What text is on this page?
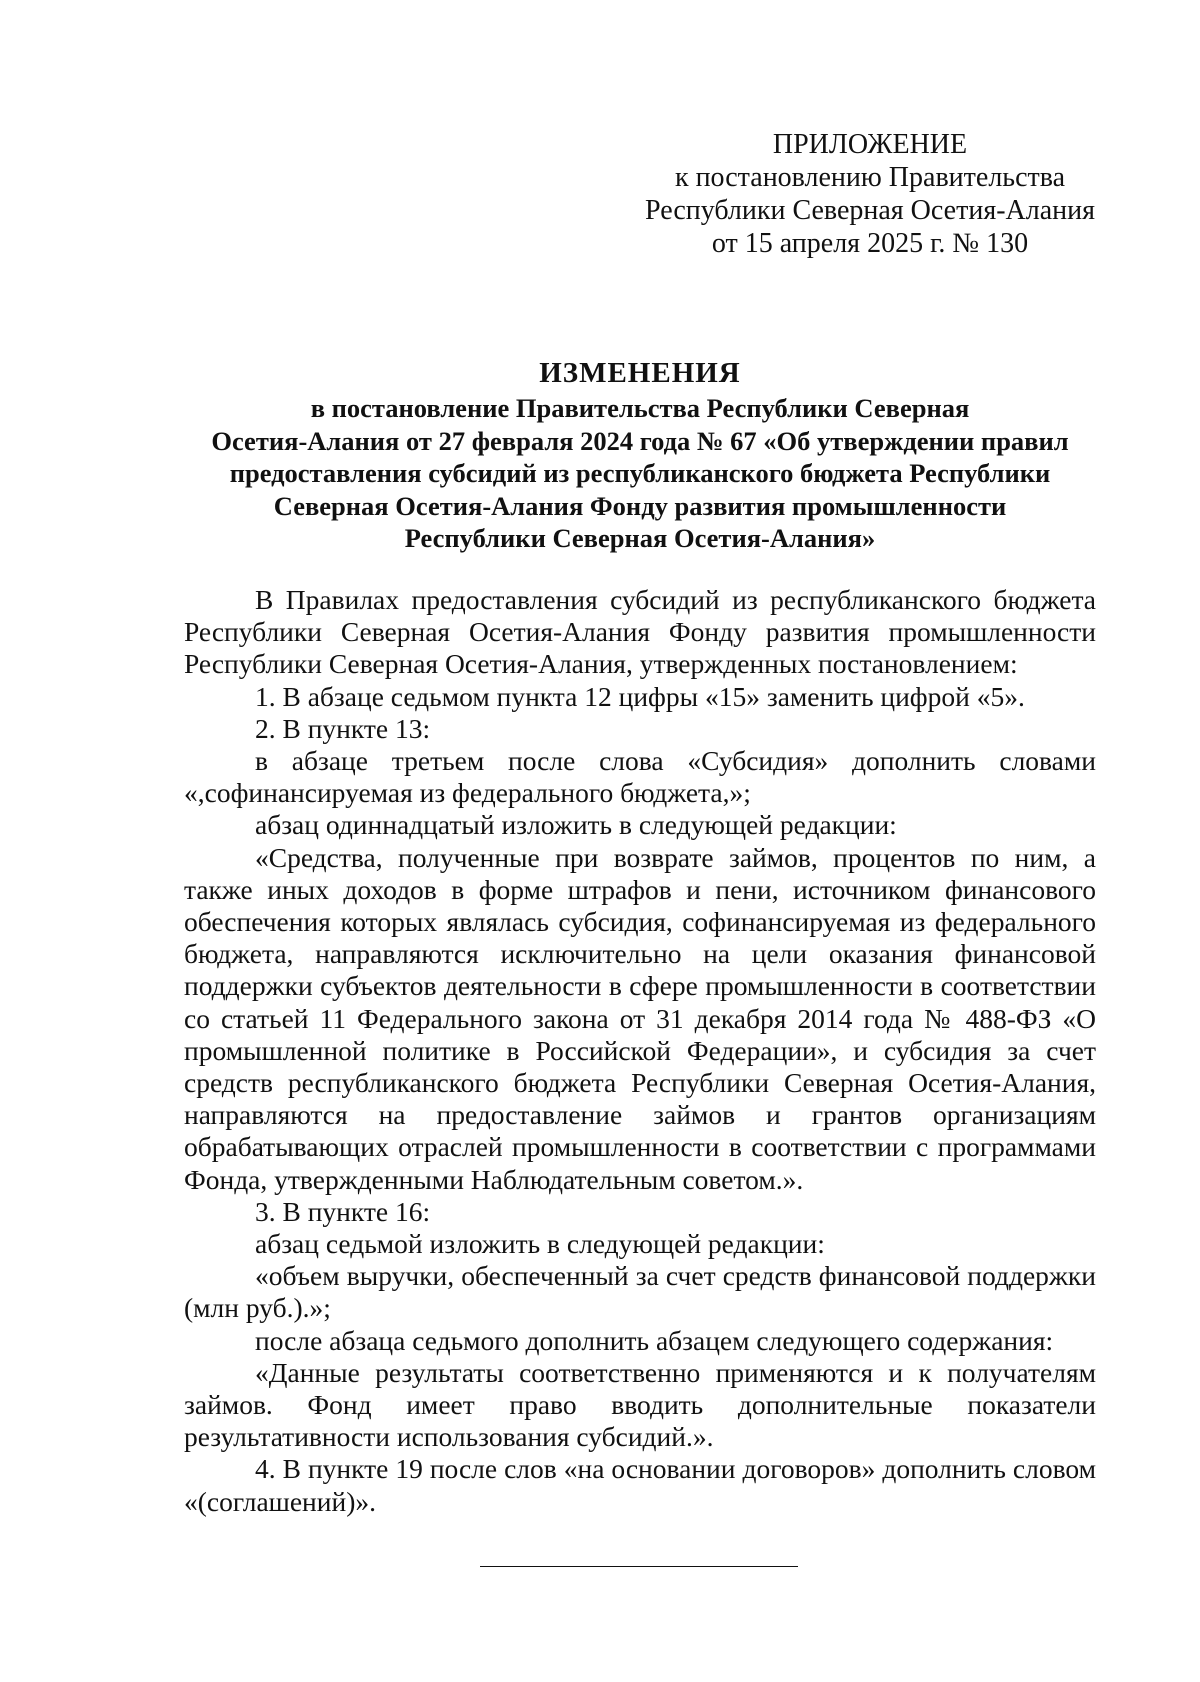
ПРИЛОЖЕНИЕ
к постановлению Правительства
Республики Северная Осетия-Алания
от 15 апреля 2025 г. № 130
ИЗМЕНЕНИЯ
в постановление Правительства Республики Северная
Осетия-Алания от 27 февраля 2024 года № 67 «Об утверждении правил
предоставления субсидий из республиканского бюджета Республики
Северная Осетия-Алания Фонду развития промышленности
Республики Северная Осетия-Алания»

В Правилах предоставления субсидий из республиканского бюджета Республики Северная Осетия-Алания Фонду развития промышленности Республики Северная Осетия-Алания, утвержденных постановлением:

1. В абзаце седьмом пункта 12 цифры «15» заменить цифрой «5».

2. В пункте 13:

в абзаце третьем после слова «Субсидия» дополнить словами «,софинансируемая из федерального бюджета,»;

абзац одиннадцатый изложить в следующей редакции:

«Средства, полученные при возврате займов, процентов по ним, а также иных доходов в форме штрафов и пени, источником финансового обеспечения которых являлась субсидия, софинансируемая из федерального бюджета, направляются исключительно на цели оказания финансовой поддержки субъектов деятельности в сфере промышленности в соответствии со статьей 11 Федерального закона от 31 декабря 2014 года № 488-ФЗ «О промышленной политике в Российской Федерации», и субсидия за счет средств республиканского бюджета Республики Северная Осетия-Алания, направляются на предоставление займов и грантов организациям обрабатывающих отраслей промышленности в соответствии с программами Фонда, утвержденными Наблюдательным советом.».

3. В пункте 16:

абзац седьмой изложить в следующей редакции:

«объем выручки, обеспеченный за счет средств финансовой поддержки (млн руб.).»;

после абзаца седьмого дополнить абзацем следующего содержания:

«Данные результаты соответственно применяются и к получателям займов. Фонд имеет право вводить дополнительные показатели результативности использования субсидий.».

4. В пункте 19 после слов «на основании договоров» дополнить словом «(соглашений)».
